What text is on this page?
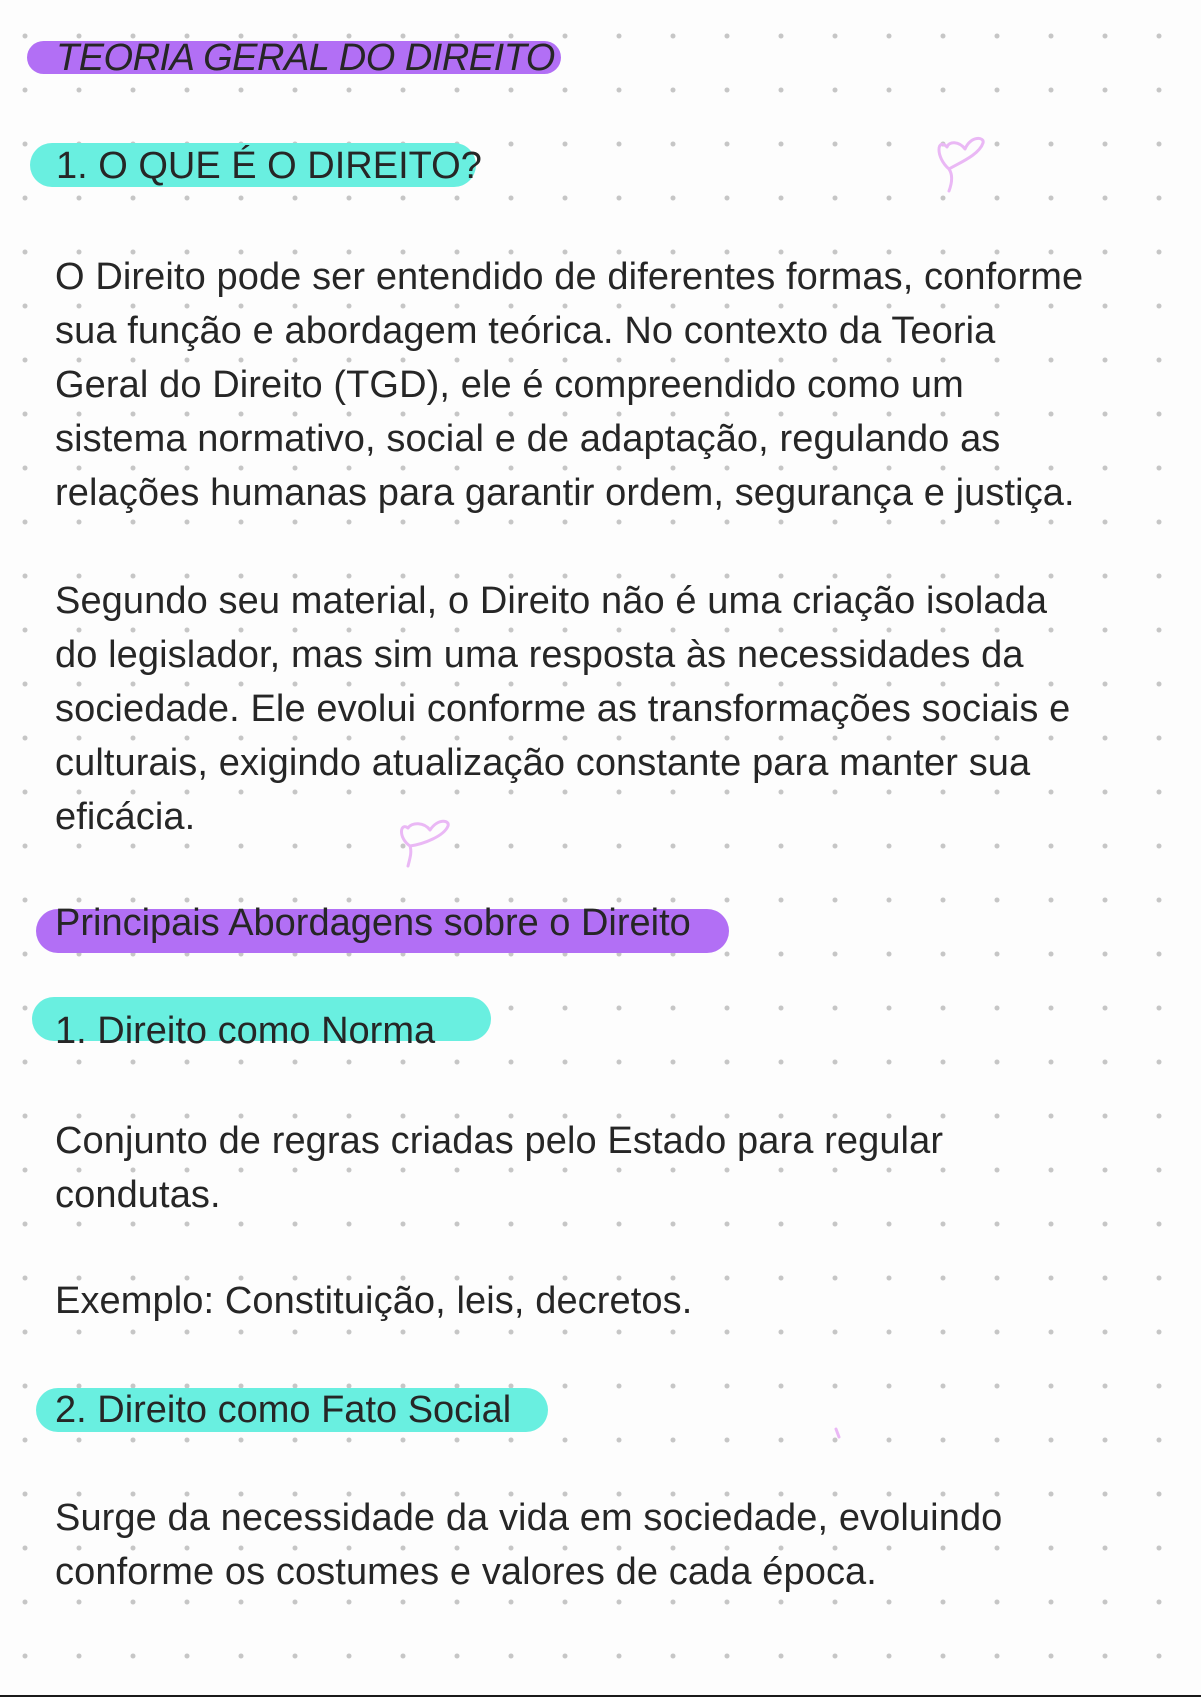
TEORIA GERAL DO DIREITO
1. O QUE É O DIREITO?

O Direito pode ser entendido de diferentes formas, conforme
sua função e abordagem teórica. No contexto da Teoria
Geral do Direito (TGD), ele é compreendido como um
sistema normativo, social e de adaptação, regulando as
relações humanas para garantir ordem, segurança e justiça.

Segundo seu material, o Direito não é uma criação isolada
do legislador, mas sim uma resposta às necessidades da
sociedade. Ele evolui conforme as transformações sociais e
culturais, exigindo atualização constante para manter sua
eficácia.

Principais Abordagens sobre o Direito
1. Direito como Norma

Conjunto de regras criadas pelo Estado para regular
condutas.

Exemplo: Constituição, leis, decretos.

2. Direito como Fato Social

Surge da necessidade da vida em sociedade, evoluindo
conforme os costumes e valores de cada época.
